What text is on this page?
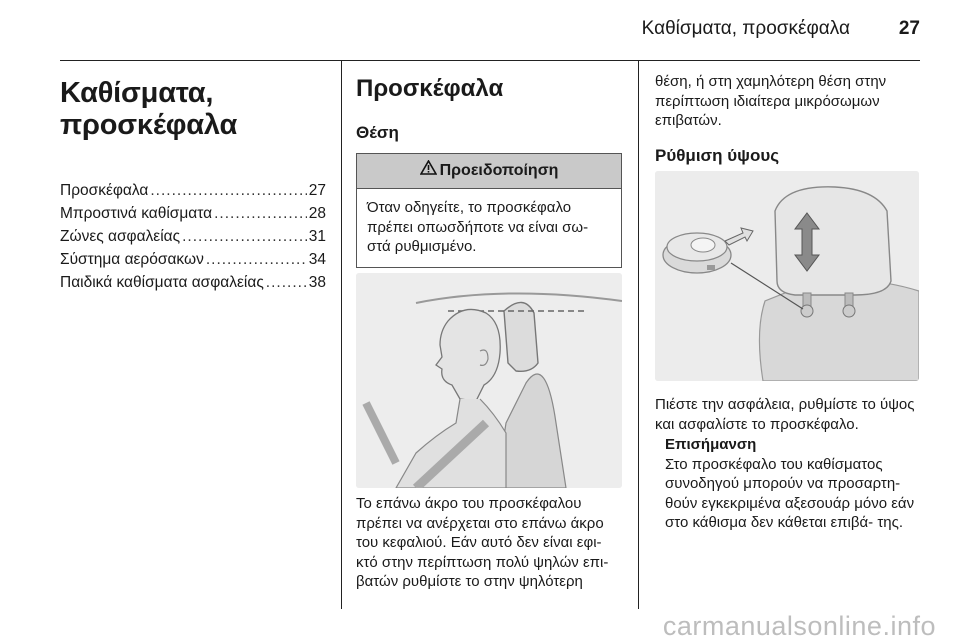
Καθίσματα, προσκέφαλα	27
Καθίσματα,
προσκέφαλα
Προσκέφαλα .....	27
Μπροστινά καθίσματα .....	28
Ζώνες ασφαλείας .....	31
Σύστημα αερόσακων .....	34
Παιδικά καθίσματα ασφαλείας .....	38
Προσκέφαλα
Θέση
Προειδοποίηση
Όταν οδηγείτε, το προσκέφαλο πρέπει οπωσδήποτε να είναι σω- στά ρυθμισμένο.

Το επάνω άκρο του προσκέφαλου πρέπει να ανέρχεται στο επάνω άκρο του κεφαλιού. Εάν αυτό δεν είναι εφι- κτό στην περίπτωση πολύ ψηλών επι- βατών ρυθμίστε το στην ψηλότερη

θέση, ή στη χαμηλότερη θέση στην περίπτωση ιδιαίτερα μικρόσωμων επιβατών.

Ρύθμιση ύψους

Πιέστε την ασφάλεια, ρυθμίστε το ύψος και ασφαλίστε το προσκέφαλο.

Επισήμανση
Στο προσκέφαλο του καθίσματος συνοδηγού μπορούν να προσαρτη- θούν εγκεκριμένα αξεσουάρ μόνο εάν στο κάθισμα δεν κάθεται επιβά- της.
carmanualsonline.info
